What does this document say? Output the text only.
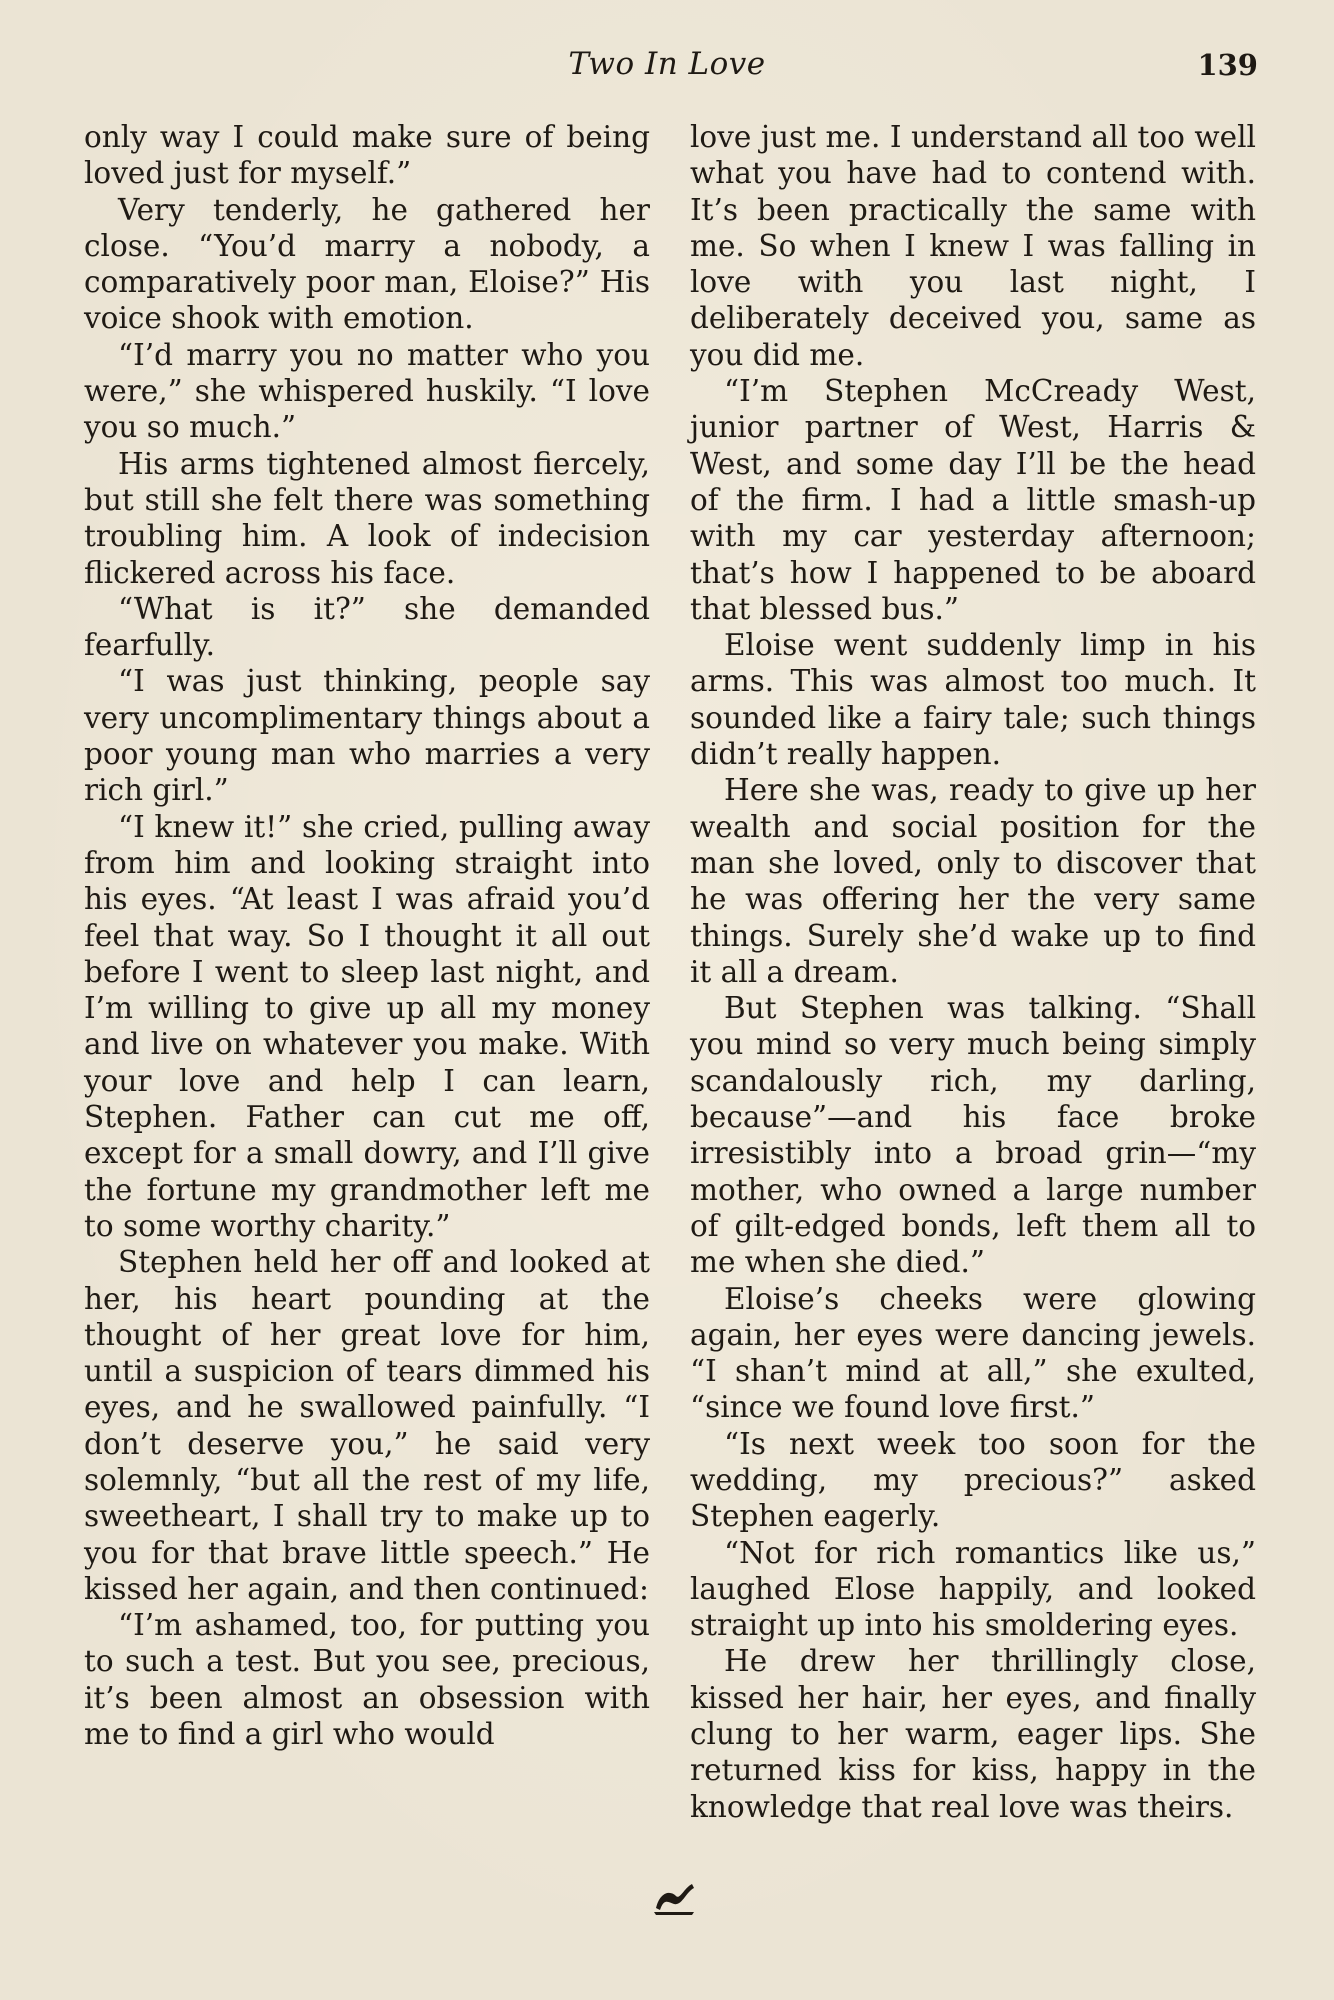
Two In Love	139

only way I could make sure of being loved just for myself.”

Very tenderly, he gathered her close. “You’d marry a nobody, a comparatively poor man, Eloise?” His voice shook with emotion.

“I’d marry you no matter who you were,” she whispered huskily. “I love you so much.”

His arms tightened almost fiercely, but still she felt there was something troubling him. A look of indecision flickered across his face.

“What is it?” she demanded fearfully.

“I was just thinking, people say very uncomplimentary things about a poor young man who marries a very rich girl.”

“I knew it!” she cried, pulling away from him and looking straight into his eyes. “At least I was afraid you’d feel that way. So I thought it all out before I went to sleep last night, and I’m willing to give up all my money and live on whatever you make. With your love and help I can learn, Stephen. Father can cut me off, except for a small dowry, and I’ll give the fortune my grandmother left me to some worthy charity.”

Stephen held her off and looked at her, his heart pounding at the thought of her great love for him, until a suspicion of tears dimmed his eyes, and he swallowed painfully. “I don’t deserve you,” he said very solemnly, “but all the rest of my life, sweetheart, I shall try to make up to you for that brave little speech.” He kissed her again, and then continued:

“I’m ashamed, too, for putting you to such a test. But you see, precious, it’s been almost an obsession with me to find a girl who would

love just me. I understand all too well what you have had to contend with. It’s been practically the same with me. So when I knew I was falling in love with you last night, I deliberately deceived you, same as you did me.

“I’m Stephen McCready West, junior partner of West, Harris & West, and some day I’ll be the head of the firm. I had a little smash-up with my car yesterday afternoon; that’s how I happened to be aboard that blessed bus.”

Eloise went suddenly limp in his arms. This was almost too much. It sounded like a fairy tale; such things didn’t really happen.

Here she was, ready to give up her wealth and social position for the man she loved, only to discover that he was offering her the very same things. Surely she’d wake up to find it all a dream.

But Stephen was talking. “Shall you mind so very much being simply scandalously rich, my darling, because”—and his face broke irresistibly into a broad grin—“my mother, who owned a large number of gilt-edged bonds, left them all to me when she died.”

Eloise’s cheeks were glowing again, her eyes were dancing jewels. “I shan’t mind at all,” she exulted, “since we found love first.”

“Is next week too soon for the wedding, my precious?” asked Stephen eagerly.

“Not for rich romantics like us,” laughed Elose happily, and looked straight up into his smoldering eyes.

He drew her thrillingly close, kissed her hair, her eyes, and finally clung to her warm, eager lips. She returned kiss for kiss, happy in the knowledge that real love was theirs.
